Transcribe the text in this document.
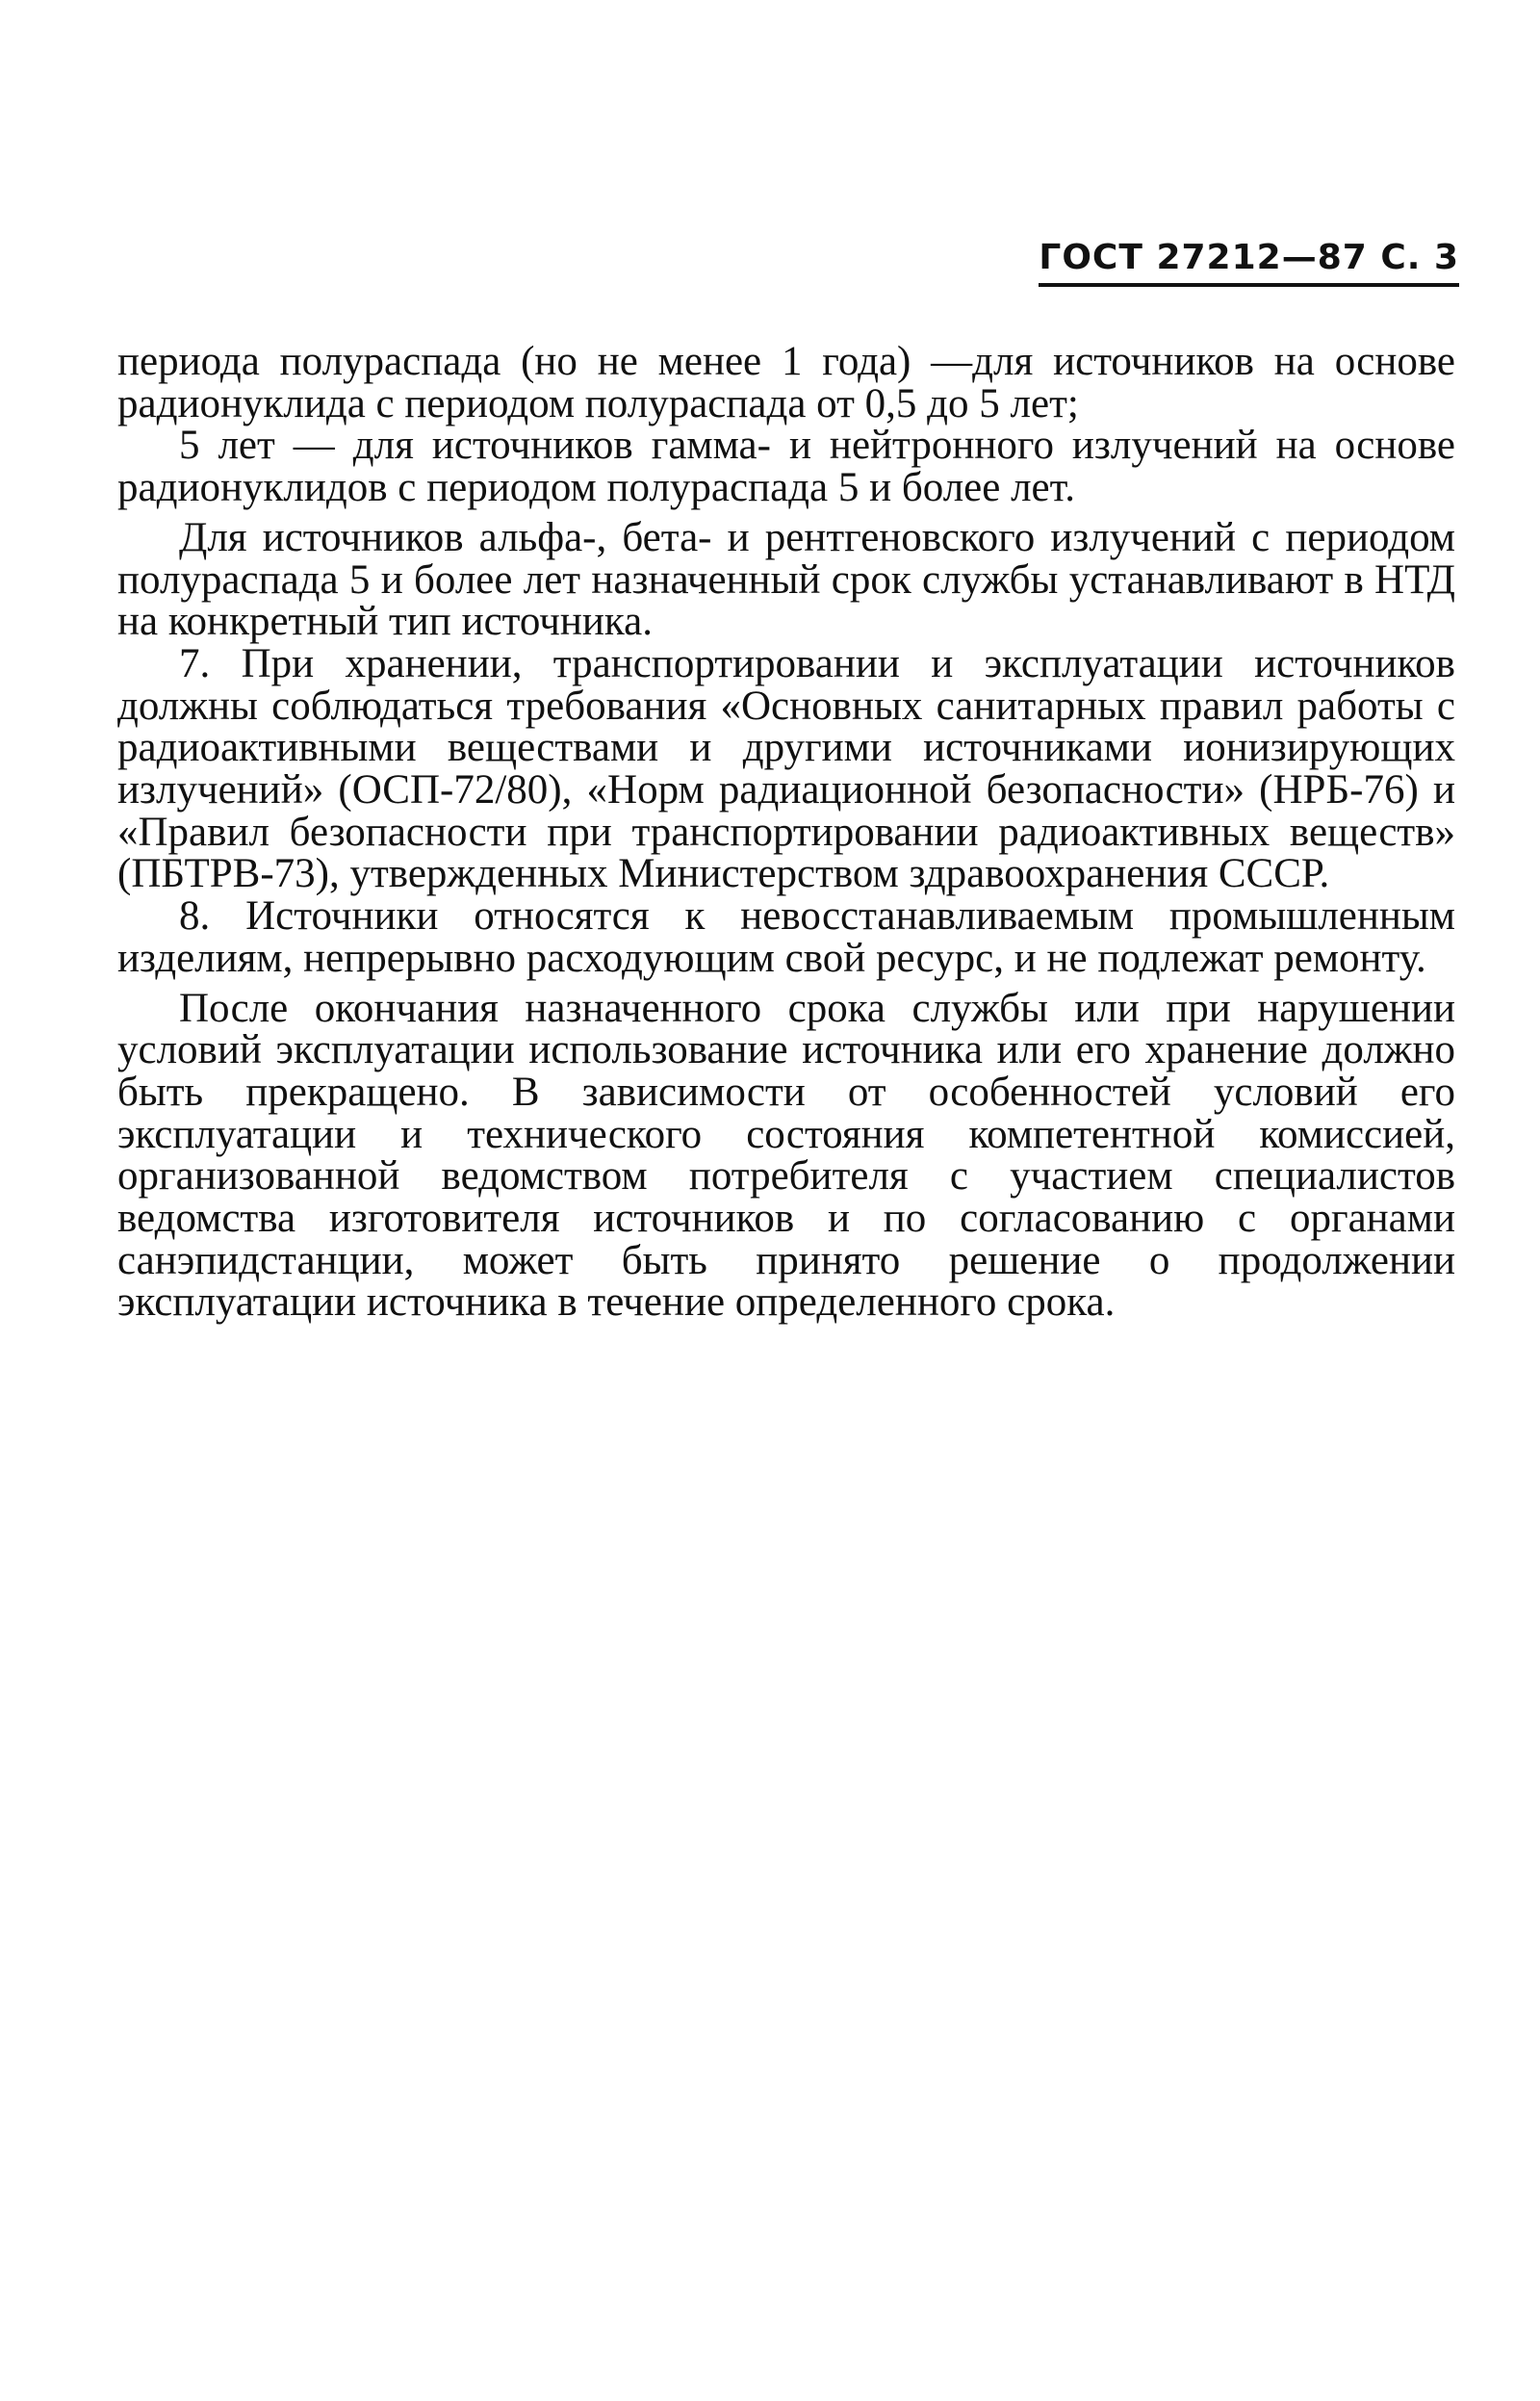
ГОСТ 27212—87 С. 3

периода полураспада (но не менее 1 года) —для источников на основе радионуклида с периодом полураспада от 0,5 до 5 лет;

5 лет — для источников гамма- и нейтронного излучений на основе радионуклидов с периодом полураспада 5 и более лет.

Для источников альфа-, бета- и рентгеновского излучений с периодом полураспада 5 и более лет назначенный срок службы устанавливают в НТД на конкретный тип источника.

7. При хранении, транспортировании и эксплуатации источников должны соблюдаться требования «Основных санитарных правил работы с радиоактивными веществами и другими источниками ионизирующих излучений» (ОСП-72/80), «Норм радиационной безопасности» (НРБ-76) и «Правил безопасности при транспортировании радиоактивных веществ» (ПБТРВ-73), утвержденных Министерством здравоохранения СССР.

8. Источники относятся к невосстанавливаемым промышленным изделиям, непрерывно расходующим свой ресурс, и не подлежат ремонту.

После окончания назначенного срока службы или при нарушении условий эксплуатации использование источника или его хранение должно быть прекращено. В зависимости от особенностей условий его эксплуатации и технического состояния компетентной комиссией, организованной ведомством потребителя с участием специалистов ведомства изготовителя источников и по согласованию с органами санэпидстанции, может быть принято решение о продолжении эксплуатации источника в течение определенного срока.
